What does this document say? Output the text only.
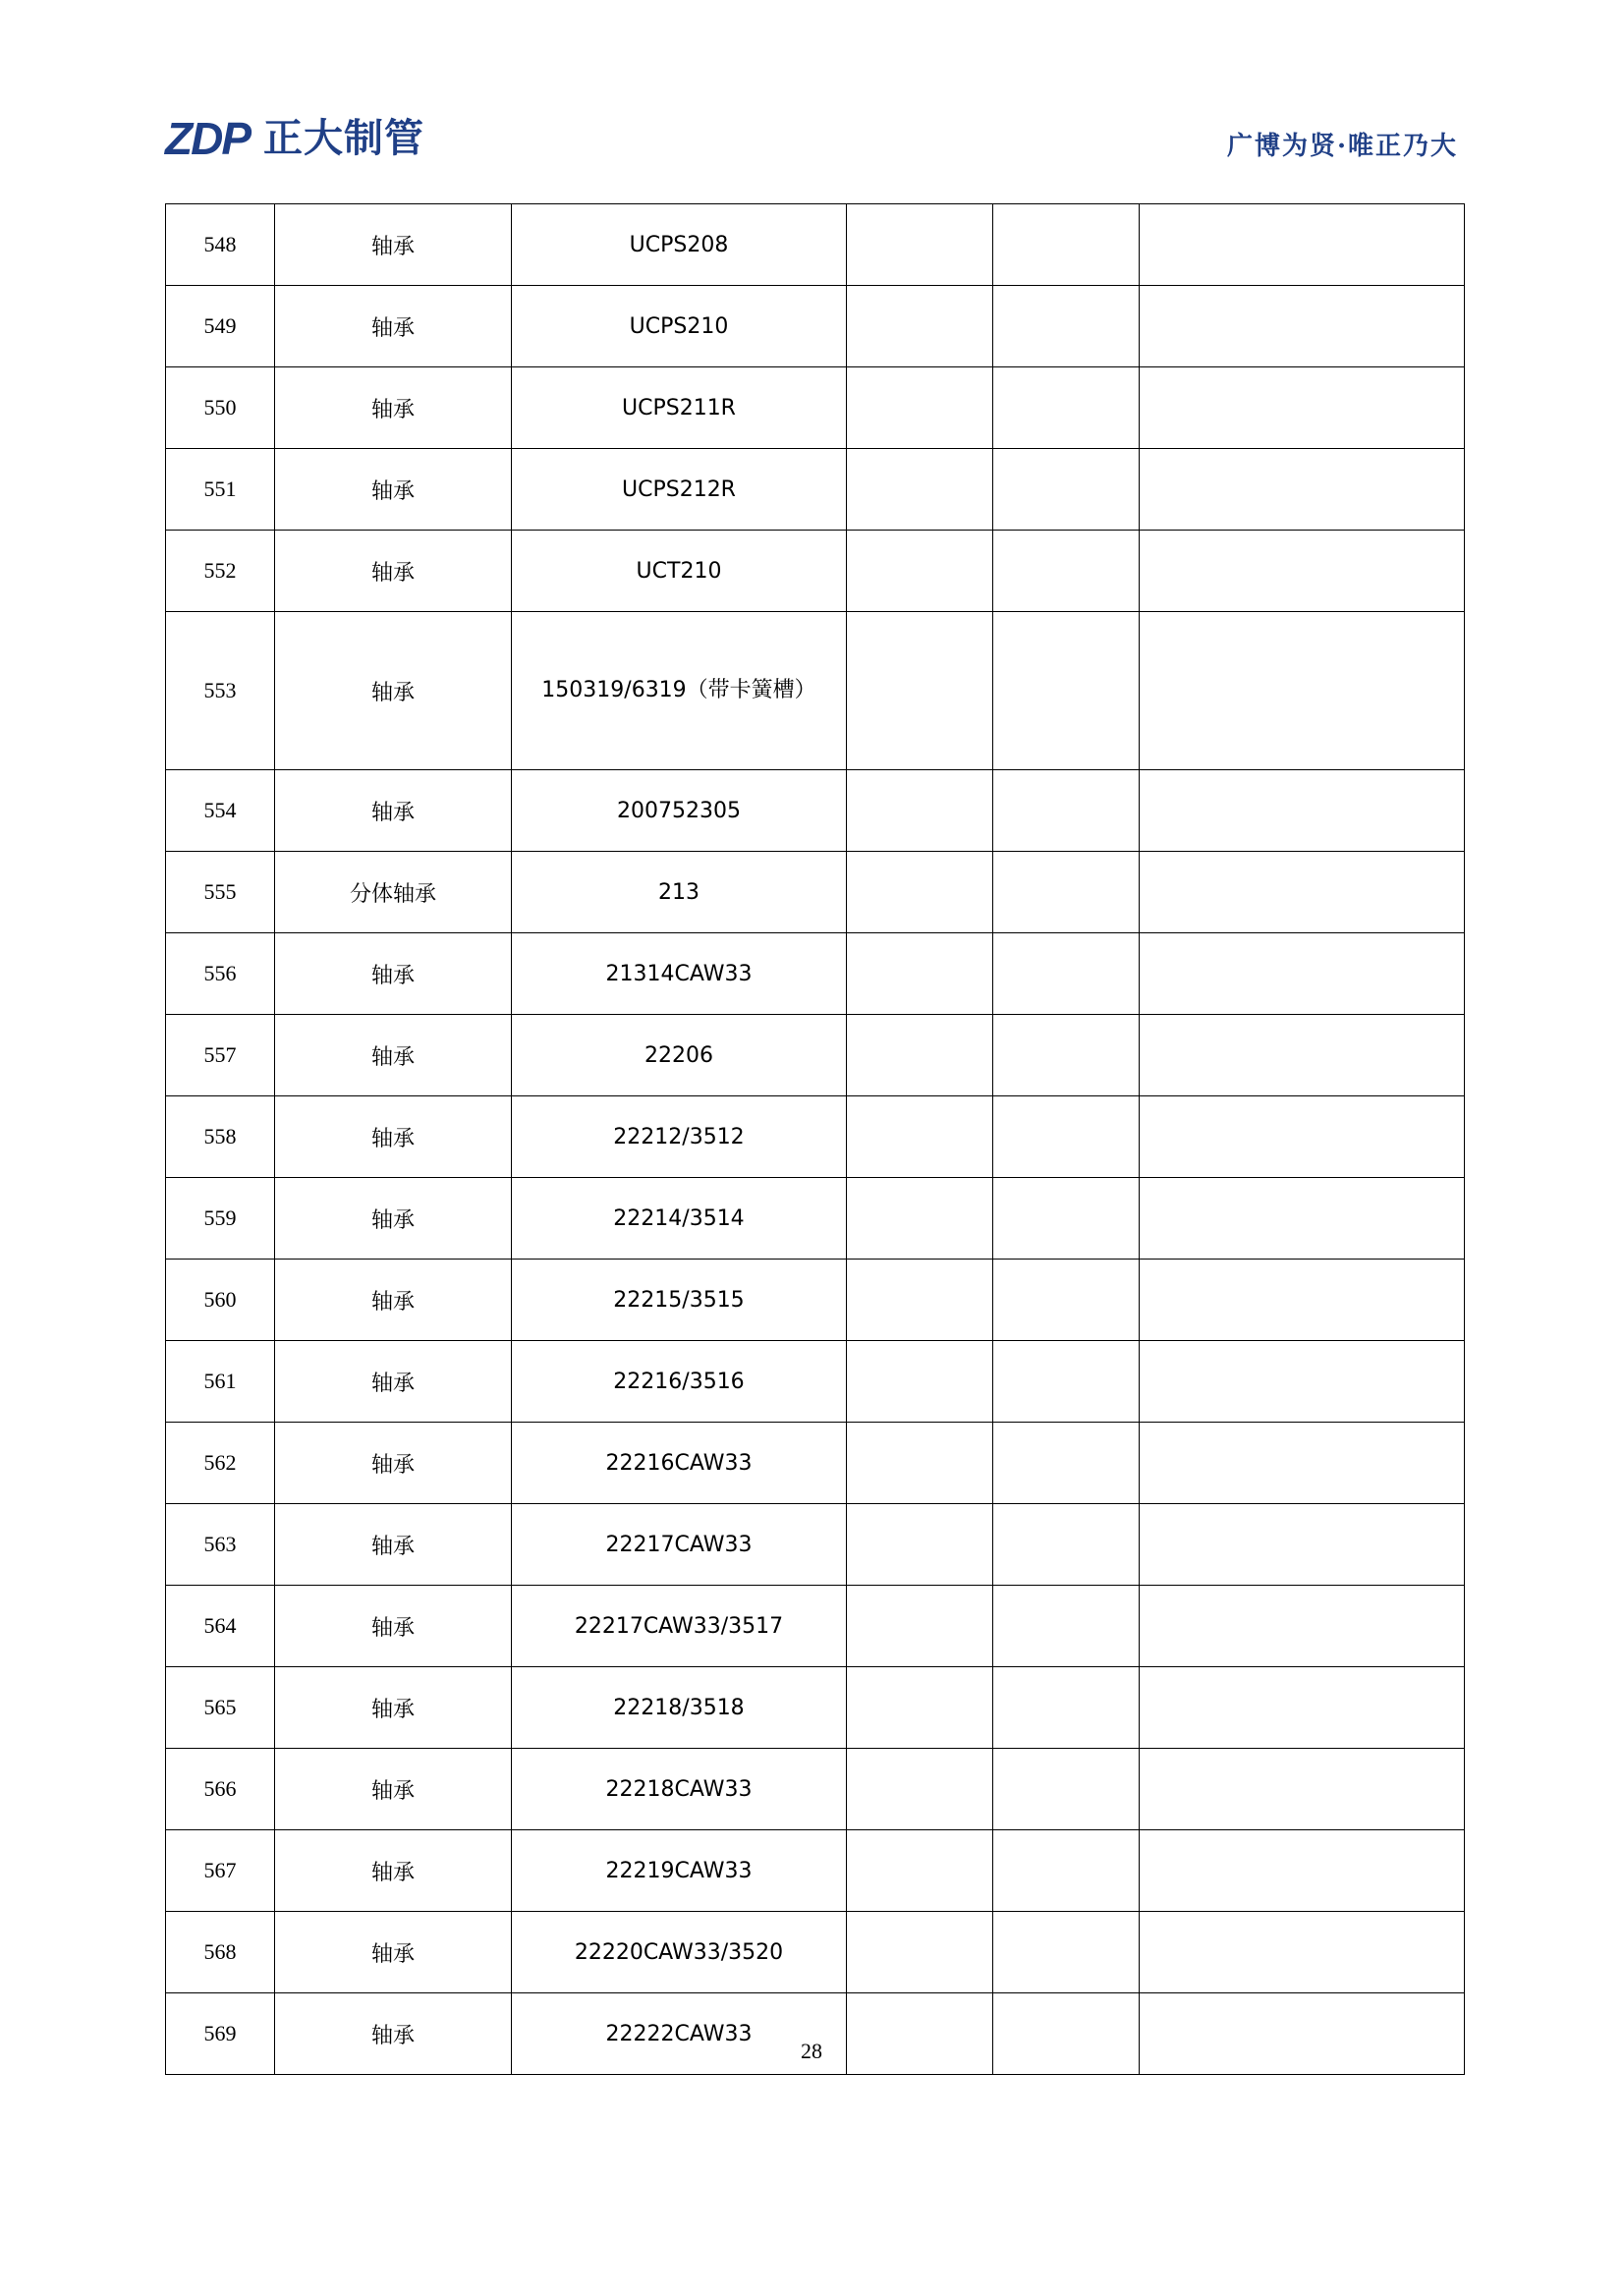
ZDP 正大制管	广博为贤·唯正乃大
548	轴承	UCPS208			
549	轴承	UCPS210			
550	轴承	UCPS211R			
551	轴承	UCPS212R			
552	轴承	UCT210			
553	轴承	150319/6319（带卡簧槽）			

554	轴承	200752305			
555	分体轴承	213			
556	轴承	21314CAW33			
557	轴承	22206			
558	轴承	22212/3512			
559	轴承	22214/3514			
560	轴承	22215/3515			
561	轴承	22216/3516			
562	轴承	22216CAW33			
563	轴承	22217CAW33			
564	轴承	22217CAW33/3517			
565	轴承	22218/3518			
566	轴承	22218CAW33			
567	轴承	22219CAW33			
568	轴承	22220CAW33/3520			
569	轴承	22222CAW33			
28
